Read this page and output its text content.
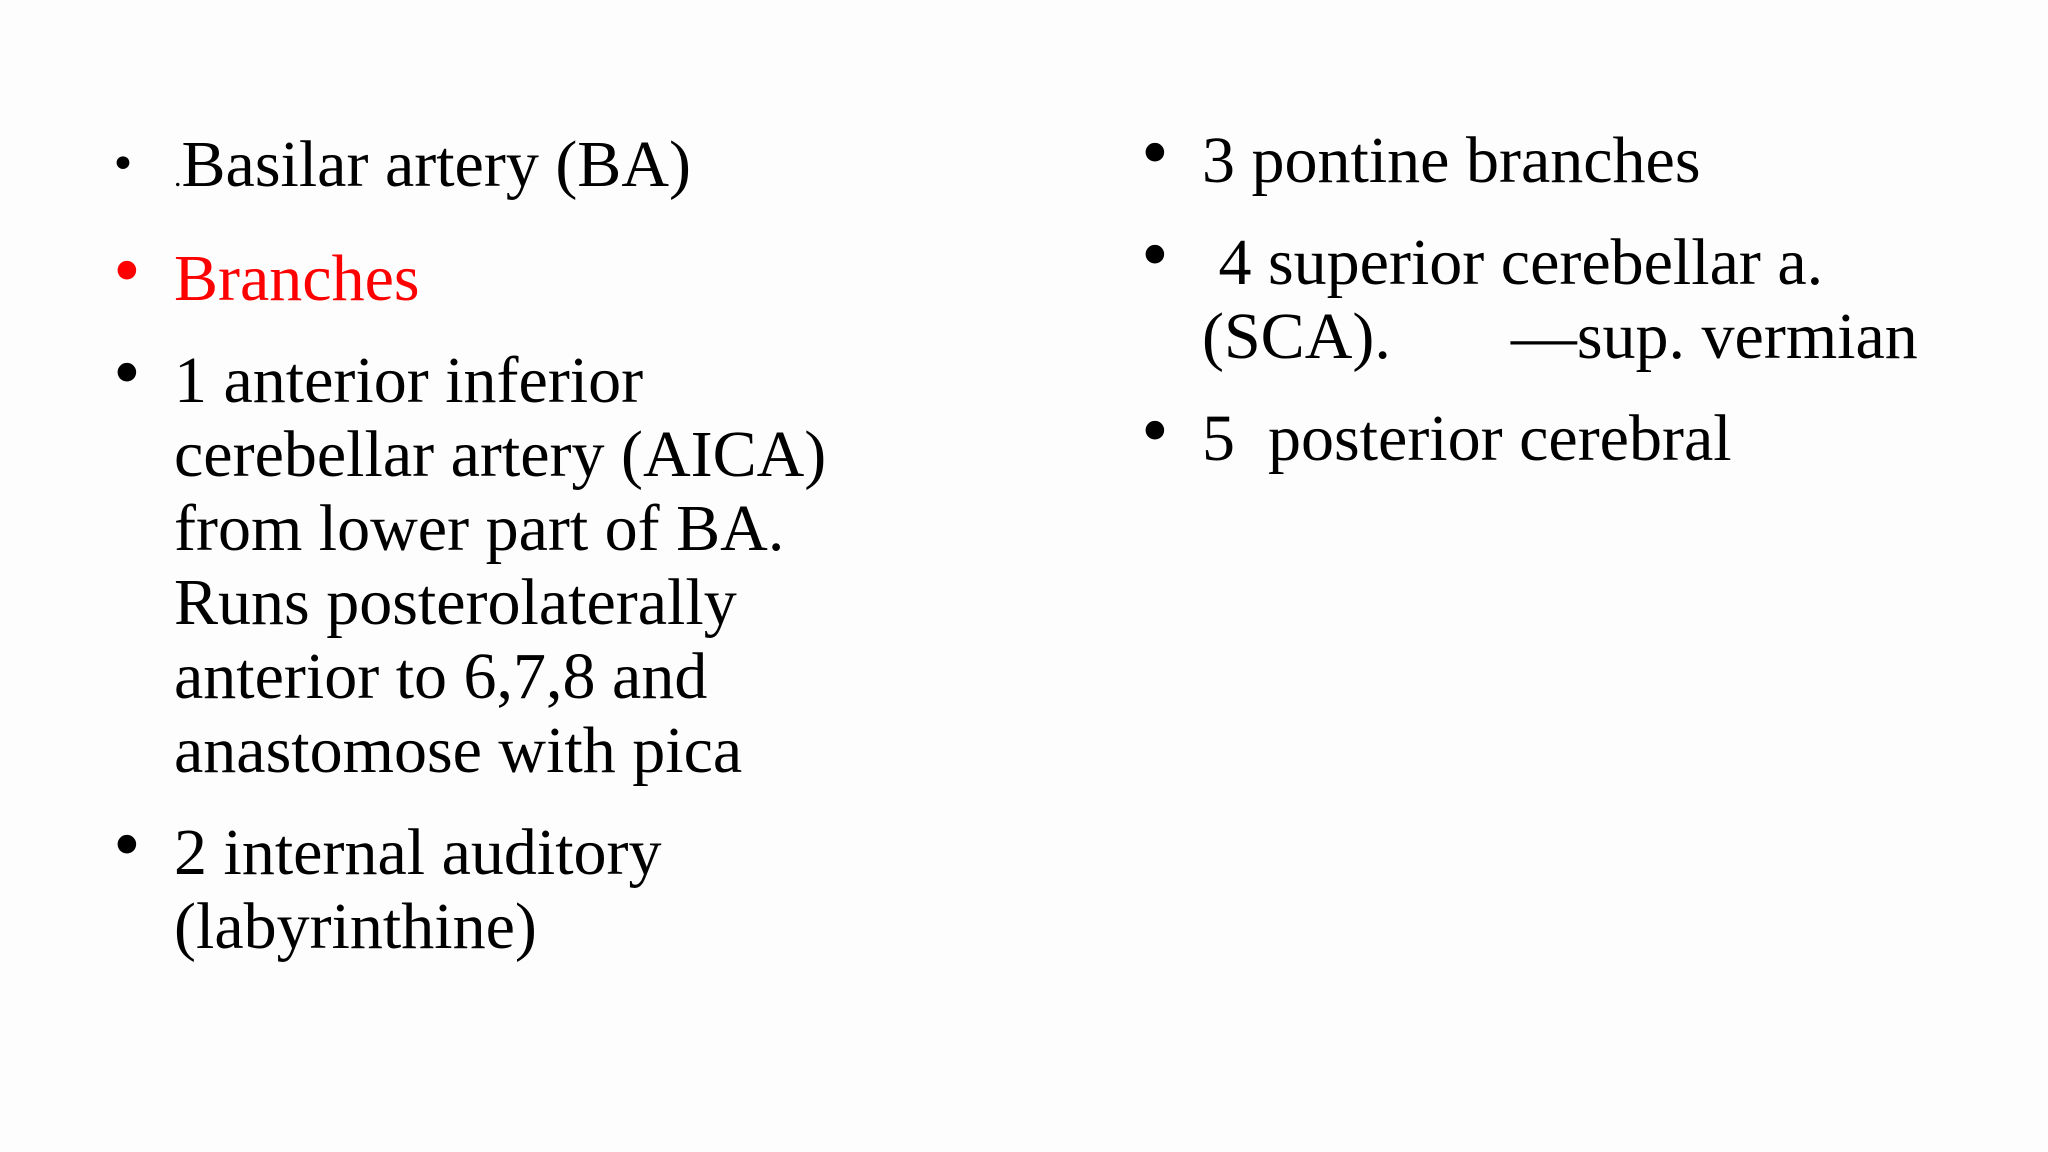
• .Basilar artery (BA)
• Branches
• 1 anterior inferior
cerebellar artery (AICA)
from lower part of BA.
Runs posterolaterally
anterior to 6,7,8 and
anastomose with pica
• 2 internal auditory
(labyrinthine)
• 3 pontine branches
• 4 superior cerebellar a.
(SCA). —sup. vermian
• 5  posterior cerebral
